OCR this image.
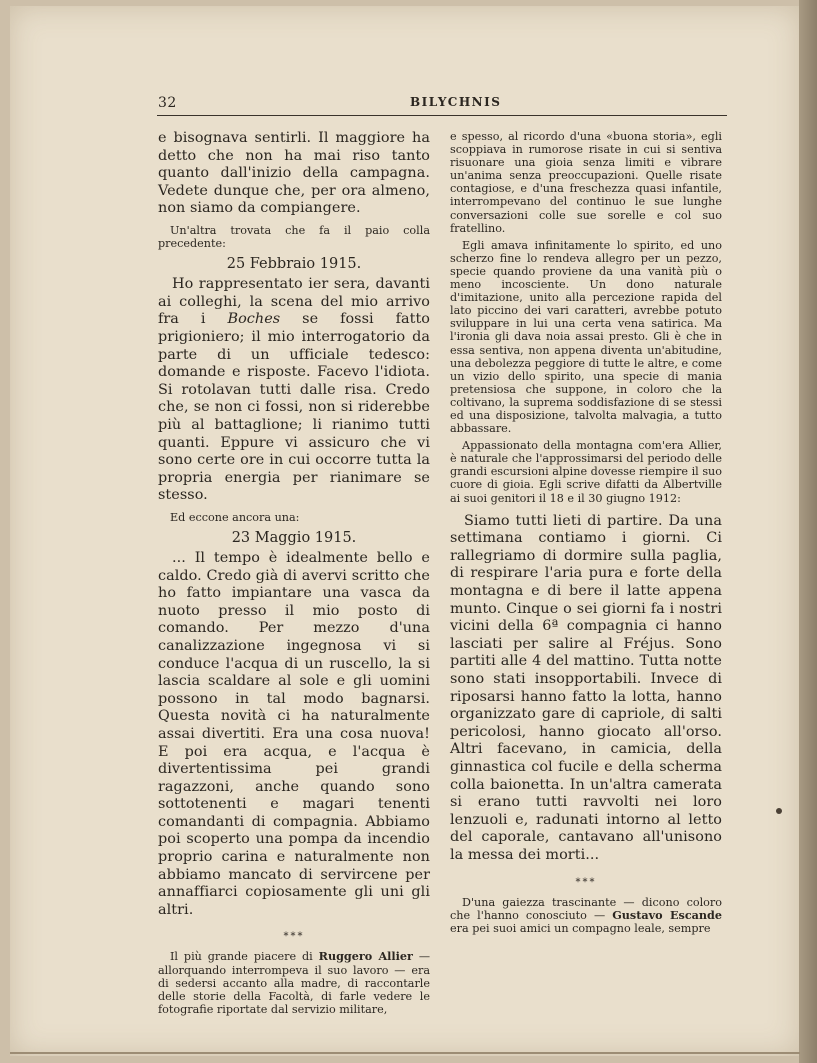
32	BILYCHNIS

e bisognava sentirli. Il maggiore ha detto che non ha mai riso tanto quanto dall'inizio della campagna. Vedete dunque che, per ora almeno, non siamo da compiangere.

Un'altra trovata che fa il paio colla precedente:

25 Febbraio 1915.

Ho rappresentato ier sera, davanti ai colleghi, la scena del mio arrivo fra i Boches se fossi fatto prigioniero; il mio interrogatorio da parte di un ufficiale tedesco: domande e risposte. Facevo l'idiota. Si rotolavan tutti dalle risa. Credo che, se non ci fossi, non si riderebbe più al battaglione; li rianimo tutti quanti. Eppure vi assicuro che vi sono certe ore in cui occorre tutta la propria energia per rianimare se stesso.

Ed eccone ancora una:

23 Maggio 1915.

... Il tempo è idealmente bello e caldo. Credo già di avervi scritto che ho fatto impiantare una vasca da nuoto presso il mio posto di comando. Per mezzo d'una canalizzazione ingegnosa vi si conduce l'acqua di un ruscello, la si lascia scaldare al sole e gli uomini possono in tal modo bagnarsi. Questa novità ci ha naturalmente assai divertiti. Era una cosa nuova! E poi era acqua, e l'acqua è divertentissima pei grandi ragazzoni, anche quando sono sottotenenti e magari tenenti comandanti di compagnia. Abbiamo poi scoperto una pompa da incendio proprio carina e naturalmente non abbiamo mancato di servircene per annaffiarci copiosamente gli uni gli altri.

***

Il più grande piacere di Ruggero Allier — allorquando interrompeva il suo lavoro — era di sedersi accanto alla madre, di raccontarle delle storie della Facoltà, di farle vedere le fotografie riportate dal servizio militare,

e spesso, al ricordo d'una «buona storia», egli scoppiava in rumorose risate in cui si sentiva risuonare una gioia senza limiti e vibrare un'anima senza preoccupazioni. Quelle risate contagiose, e d'una freschezza quasi infantile, interrompevano del continuo le sue lunghe conversazioni colle sue sorelle e col suo fratellino.

Egli amava infinitamente lo spirito, ed uno scherzo fine lo rendeva allegro per un pezzo, specie quando proviene da una vanità più o meno incosciente. Un dono naturale d'imitazione, unito alla percezione rapida del lato piccino dei vari caratteri, avrebbe potuto sviluppare in lui una certa vena satirica. Ma l'ironia gli dava noia assai presto. Gli è che in essa sentiva, non appena diventa un'abitudine, una debolezza peggiore di tutte le altre, e come un vizio dello spirito, una specie di mania pretensiosa che suppone, in coloro che la coltivano, la suprema soddisfazione di se stessi ed una disposizione, talvolta malvagia, a tutto abbassare.

Appassionato della montagna com'era Allier, è naturale che l'approssimarsi del periodo delle grandi escursioni alpine dovesse riempire il suo cuore di gioia. Egli scrive difatti da Albertville ai suoi genitori il 18 e il 30 giugno 1912:

Siamo tutti lieti di partire. Da una settimana contiamo i giorni. Ci rallegriamo di dormire sulla paglia, di respirare l'aria pura e forte della montagna e di bere il latte appena munto. Cinque o sei giorni fa i nostri vicini della 6ª compagnia ci hanno lasciati per salire al Fréjus. Sono partiti alle 4 del mattino. Tutta notte sono stati insopportabili. Invece di riposarsi hanno fatto la lotta, hanno organizzato gare di capriole, di salti pericolosi, hanno giocato all'orso. Altri facevano, in camicia, della ginnastica col fucile e della scherma colla baionetta. In un'altra camerata si erano tutti ravvolti nei loro lenzuoli e, radunati intorno al letto del caporale, cantavano all'unisono la messa dei morti...

***

D'una gaiezza trascinante — dicono coloro che l'hanno conosciuto — Gustavo Escande era pei suoi amici un compagno leale, sempre
